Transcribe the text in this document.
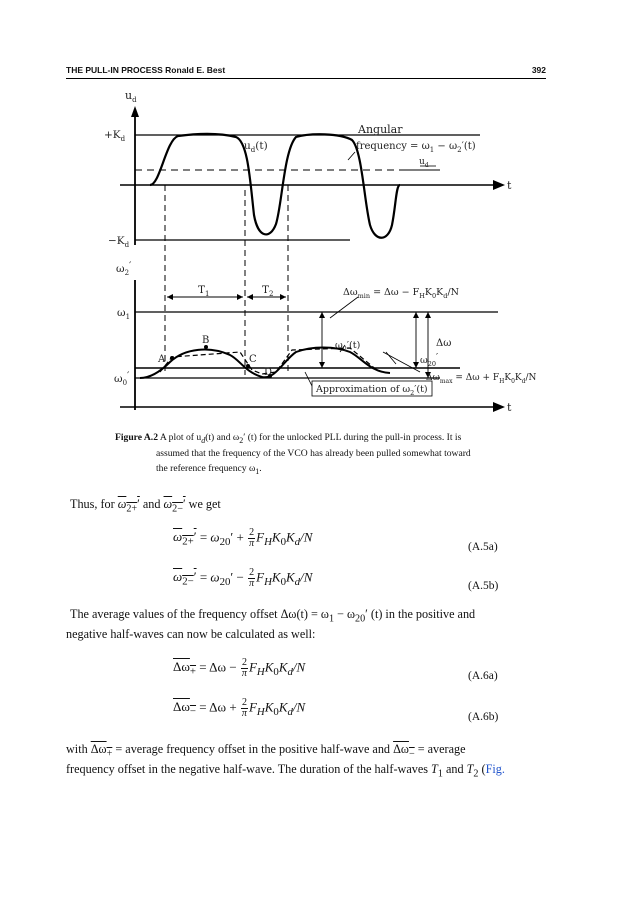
THE PULL-IN PROCESS Ronald E. Best	392
$u_d$
$+K_d$
$-K_d$
$u_d(t)$
Angular
frequency = $\omega_1 - \omega_2'(t)$
$u_d$
t
$\omega_2'$
$\omega_1$
$\omega_0'$
$T_1$	$T_2$	$\Delta\omega_{min} = \Delta\omega - F_HK_0K_d/N$
B
A	C
D
$\omega_2'(t)$	Δω
$\omega_{20}'$
$\Delta\omega_{max} = \Delta\omega + F_HK_0K_d/N$
Approximation of $\omega_2'(t)$
t
Figure A.2 A plot of $u_d(t)$ and $\omega_2'$ (t) for the unlocked PLL during the pull-in process. It is
assumed that the frequency of the VCO has already been pulled somewhat toward
the reference frequency $\omega_1$.
Thus, for $\omega_{2+}'$ and $\omega_{2-}'$ we get
$\omega_{2+}' = \omega_{20}' + \frac{2}{\pi}F_HK_0K_d/N$
(A.5a)
$\omega_{2-}' = \omega_{20}' - \frac{2}{\pi}F_HK_0K_d/N$
(A.5b)
The average values of the frequency offset $\Delta\omega(t) = \omega_1 - \omega_{20}'$ (t) in the positive and
negative half-waves can now be calculated as well:
$\Delta\omega_+ = \Delta\omega - \frac{2}{\pi}F_HK_0K_d/N$
(A.6a)
$\Delta\omega_- = \Delta\omega + \frac{2}{\pi}F_HK_0K_d/N$
(A.6b)
with $\Delta\omega_+$ = average frequency offset in the positive half-wave and $\Delta\omega_-$ = average
frequency offset in the negative half-wave. The duration of the half-waves $T_1$ and $T_2$ (Fig.
